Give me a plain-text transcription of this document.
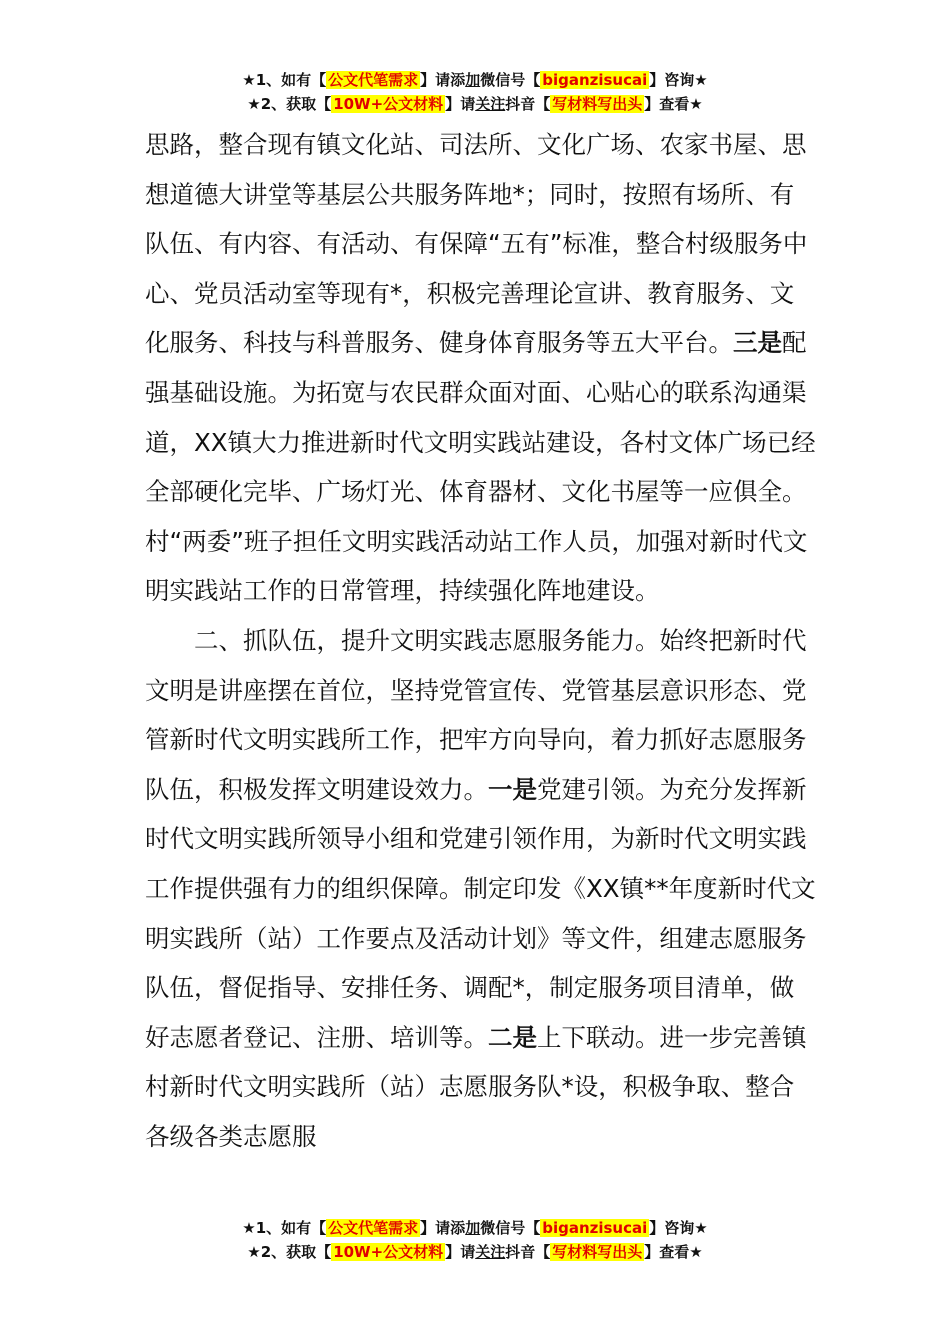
★1、如有【 公文代笔需求 】请添加微信号【 biganzisucai 】咨询★
★2、获取【 10W+公文材料 】请关注抖音【 写材料写出头 】查看★

思路，整合现有镇文化站、司法所、文化广场、农家书屋、思想道德大讲堂等基层公共服务阵地*；同时，按照有场所、有队伍、有内容、有活动、有保障“五有”标准，整合村级服务中心、党员活动室等现有*，积极完善理论宣讲、教育服务、文化服务、科技与科普服务、健身体育服务等五大平台。三是配强基础设施。为拓宽与农民群众面对面、心贴心的联系沟通渠道，XX镇大力推进新时代文明实践站建设，各村文体广场已经全部硬化完毕、广场灯光、体育器材、文化书屋等一应俱全。村“两委”班子担任文明实践活动站工作人员，加强对新时代文明实践站工作的日常管理，持续强化阵地建设。

二、抓队伍，提升文明实践志愿服务能力。始终把新时代文明是讲座摆在首位，坚持党管宣传、党管基层意识形态、党管新时代文明实践所工作，把牢方向导向，着力抓好志愿服务队伍，积极发挥文明建设效力。一是党建引领。为充分发挥新时代文明实践所领导小组和党建引领作用，为新时代文明实践工作提供强有力的组织保障。制定印发《XX镇**年度新时代文明实践所（站）工作要点及活动计划》等文件，组建志愿服务队伍，督促指导、安排任务、调配*，制定服务项目清单，做好志愿者登记、注册、培训等。二是上下联动。进一步完善镇村新时代文明实践所（站）志愿服务队*设，积极争取、整合各级各类志愿服

★1、如有【 公文代笔需求 】请添加微信号【 biganzisucai 】咨询★
★2、获取【 10W+公文材料 】请关注抖音【 写材料写出头 】查看★
